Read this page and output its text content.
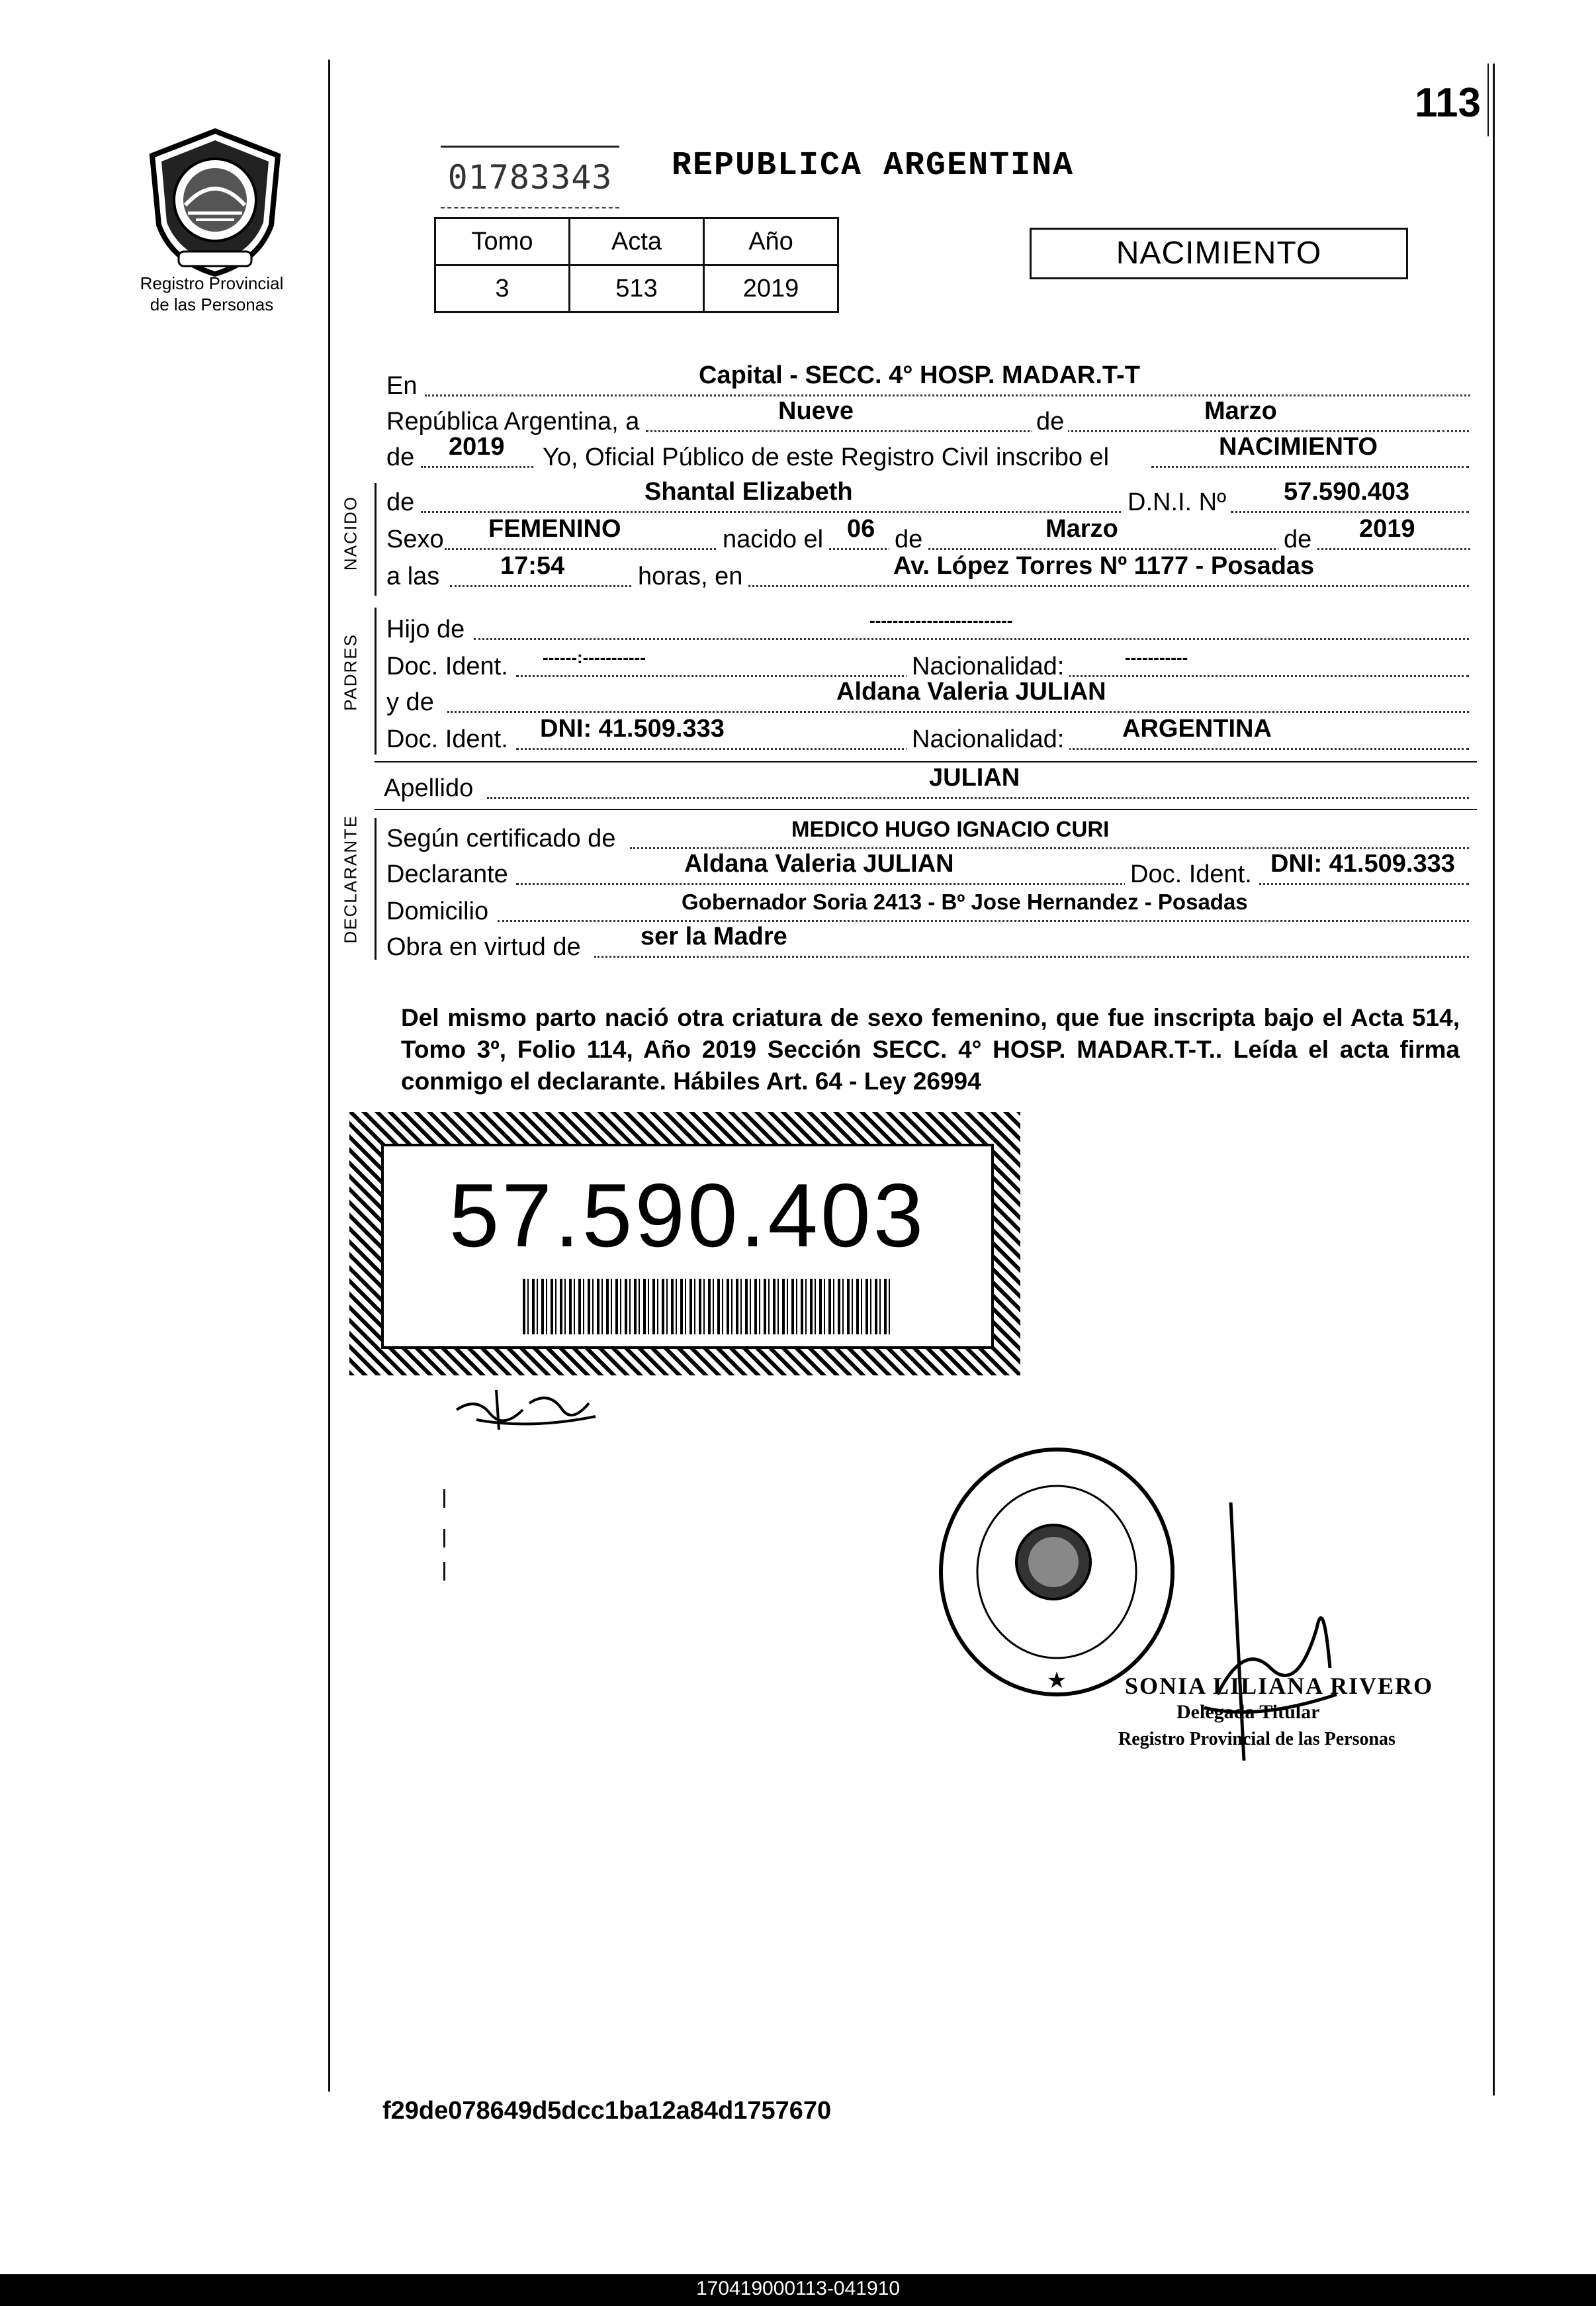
113
Registro Provincial
de las Personas
01783343 REPUBLICA ARGENTINA
Tomo	Acta	Año
3	513	2019
NACIMIENTO
En	Capital - SECC. 4° HOSP. MADAR.T-T
República Argentina, a	Nueve	de	Marzo
de 2019 Yo, Oficial Público de este Registro Civil inscribo el	NACIMIENTO
NACIDO de	Shantal Elizabeth	D.N.I. Nº 57.590.403
Sexo FEMENINO	nacido el 06 de	Marzo	de 2019
a las 17:54	horas, en	Av. López Torres Nº 1177 - Posadas
PADRES
Hijo de	-------------------------
Doc. Ident. ------:-----------	Nacionalidad:	-----------
y de	Aldana Valeria JULIAN
Doc. Ident. DNI: 41.509.333	Nacionalidad: ARGENTINA
Apellido	JULIAN
DECLARANTE Según certificado de	MEDICO HUGO IGNACIO CURI
Declarante	Aldana Valeria JULIAN	Doc. Ident. DNI: 41.509.333
Domicilio	Gobernador Soria 2413 - Bº Jose Hernandez - Posadas
Obra en virtud de ser la Madre
Del mismo parto nació otra criatura de sexo femenino, que fue inscripta bajo el Acta 514, Tomo 3º, Folio 114, Año 2019 Sección SECC. 4° HOSP. MADAR.T-T.. Leída el acta firma conmigo el declarante. Hábiles Art. 64 - Ley 26994
57.590.403
★ SONIA LILIANA RIVERO
Delegada Titular
Registro Provincial de las Personas
f29de078649d5dcc1ba12a84d1757670
170419000113-041910
